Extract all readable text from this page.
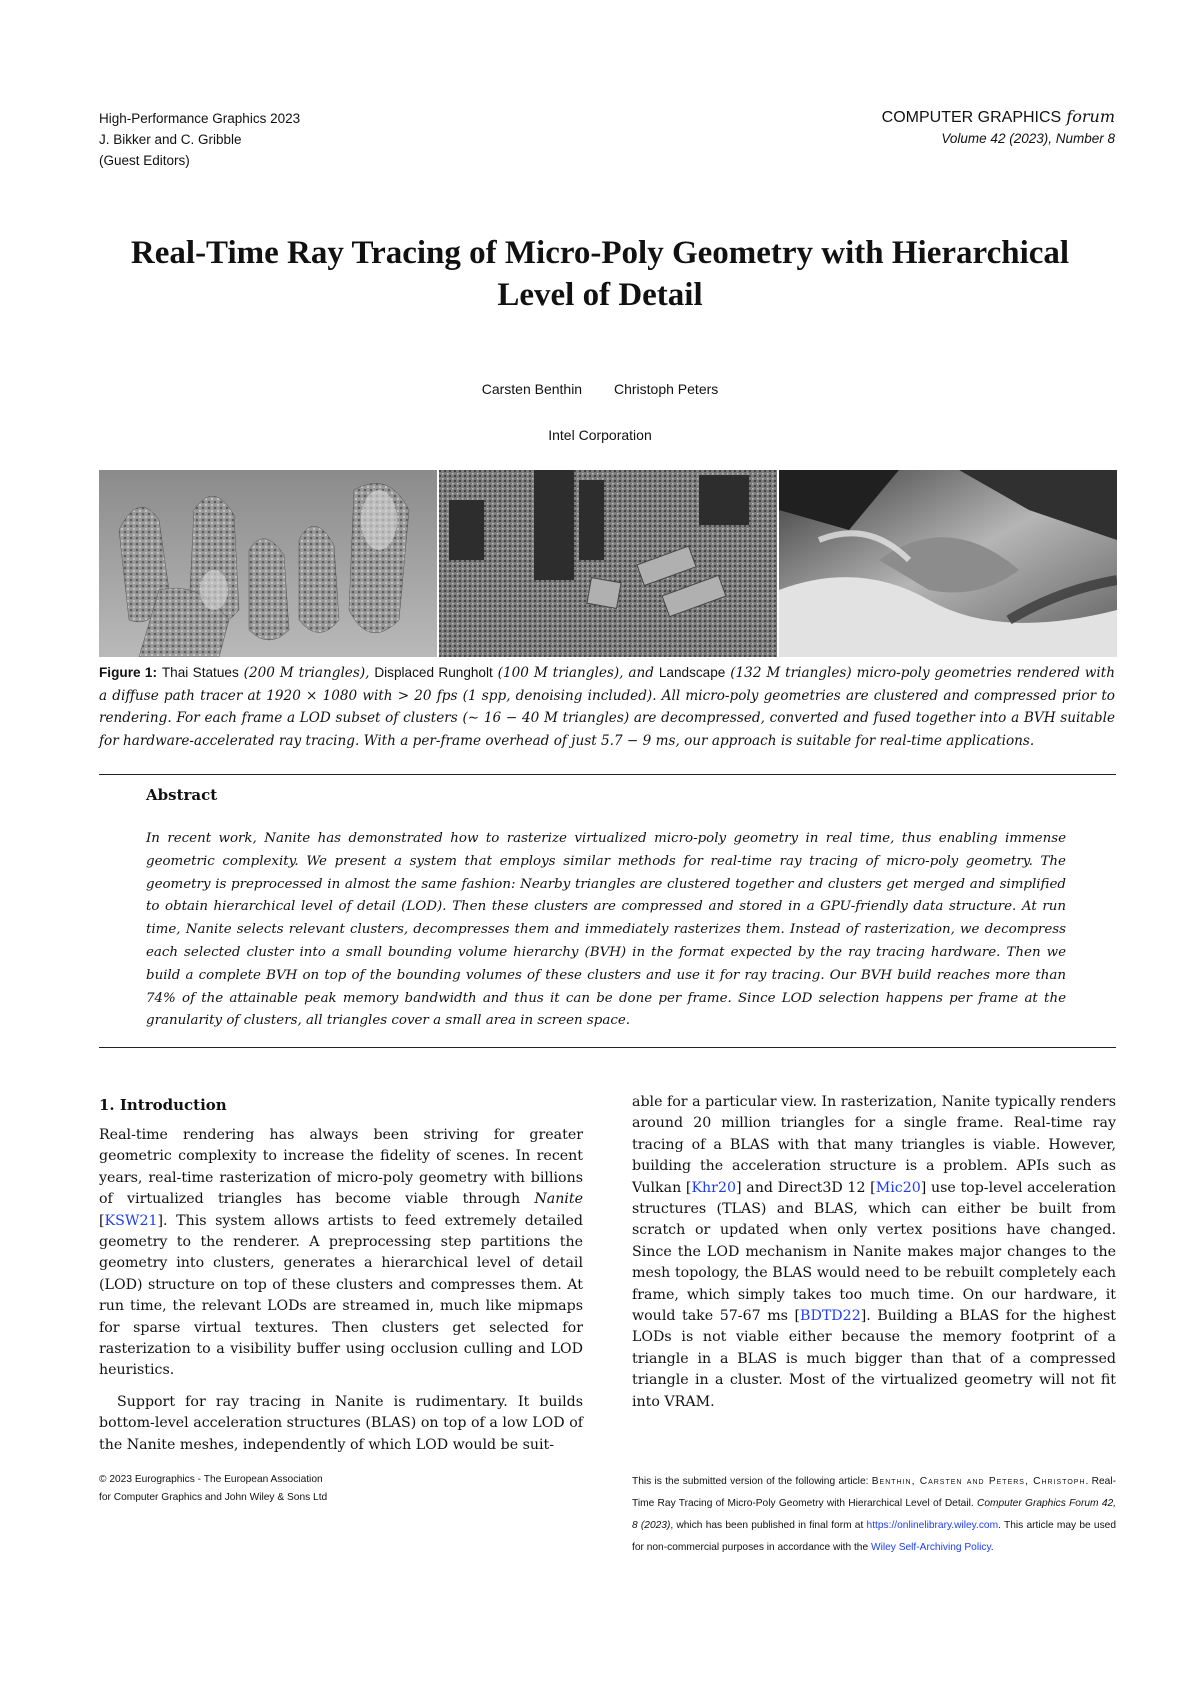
High-Performance Graphics 2023
J. Bikker and C. Gribble
(Guest Editors)
COMPUTER GRAPHICS forum
Volume 42 (2023), Number 8
Real-Time Ray Tracing of Micro-Poly Geometry with Hierarchical
Level of Detail
Carsten Benthin Christoph Peters
Intel Corporation
Figure 1: Thai Statues (200 M triangles), Displaced Rungholt (100 M triangles), and Landscape (132 M triangles) micro-poly geometries rendered with a diffuse path tracer at 1920 × 1080 with > 20 fps (1 spp, denoising included). All micro-poly geometries are clustered and compressed prior to rendering. For each frame a LOD subset of clusters (∼ 16 − 40 M triangles) are decompressed, converted and fused together into a BVH suitable for hardware-accelerated ray tracing. With a per-frame overhead of just 5.7 − 9 ms, our approach is suitable for real-time applications.
Abstract
In recent work, Nanite has demonstrated how to rasterize virtualized micro-poly geometry in real time, thus enabling immense geometric complexity. We present a system that employs similar methods for real-time ray tracing of micro-poly geometry. The geometry is preprocessed in almost the same fashion: Nearby triangles are clustered together and clusters get merged and simplified to obtain hierarchical level of detail (LOD). Then these clusters are compressed and stored in a GPU-friendly data structure. At run time, Nanite selects relevant clusters, decompresses them and immediately rasterizes them. Instead of rasterization, we decompress each selected cluster into a small bounding volume hierarchy (BVH) in the format expected by the ray tracing hardware. Then we build a complete BVH on top of the bounding volumes of these clusters and use it for ray tracing. Our BVH build reaches more than 74% of the attainable peak memory bandwidth and thus it can be done per frame. Since LOD selection happens per frame at the granularity of clusters, all triangles cover a small area in screen space.
1. Introduction

Real-time rendering has always been striving for greater geometric complexity to increase the fidelity of scenes. In recent years, real-time rasterization of micro-poly geometry with billions of virtualized triangles has become viable through Nanite [KSW21]. This system allows artists to feed extremely detailed geometry to the renderer. A preprocessing step partitions the geometry into clusters, generates a hierarchical level of detail (LOD) structure on top of these clusters and compresses them. At run time, the relevant LODs are streamed in, much like mipmaps for sparse virtual textures. Then clusters get selected for rasterization to a visibility buffer using occlusion culling and LOD heuristics.

Support for ray tracing in Nanite is rudimentary. It builds bottom-level acceleration structures (BLAS) on top of a low LOD of the Nanite meshes, independently of which LOD would be suit-

able for a particular view. In rasterization, Nanite typically renders around 20 million triangles for a single frame. Real-time ray tracing of a BLAS with that many triangles is viable. However, building the acceleration structure is a problem. APIs such as Vulkan [Khr20] and Direct3D 12 [Mic20] use top-level acceleration structures (TLAS) and BLAS, which can either be built from scratch or updated when only vertex positions have changed. Since the LOD mechanism in Nanite makes major changes to the mesh topology, the BLAS would need to be rebuilt completely each frame, which simply takes too much time. On our hardware, it would take 57-67 ms [BDTD22]. Building a BLAS for the highest LODs is not viable either because the memory footprint of a triangle in a BLAS is much bigger than that of a compressed triangle in a cluster. Most of the virtualized geometry will not fit into VRAM.

© 2023 Eurographics - The European Association
for Computer Graphics and John Wiley & Sons Ltd
This is the submitted version of the following article: Benthin, Carsten and Peters, Christoph. Real-Time Ray Tracing of Micro-Poly Geometry with Hierarchical Level of Detail. Computer Graphics Forum 42, 8 (2023), which has been published in final form at https://onlinelibrary.wiley.com. This article may be used for non-commercial purposes in accordance with the Wiley Self-Archiving Policy.
